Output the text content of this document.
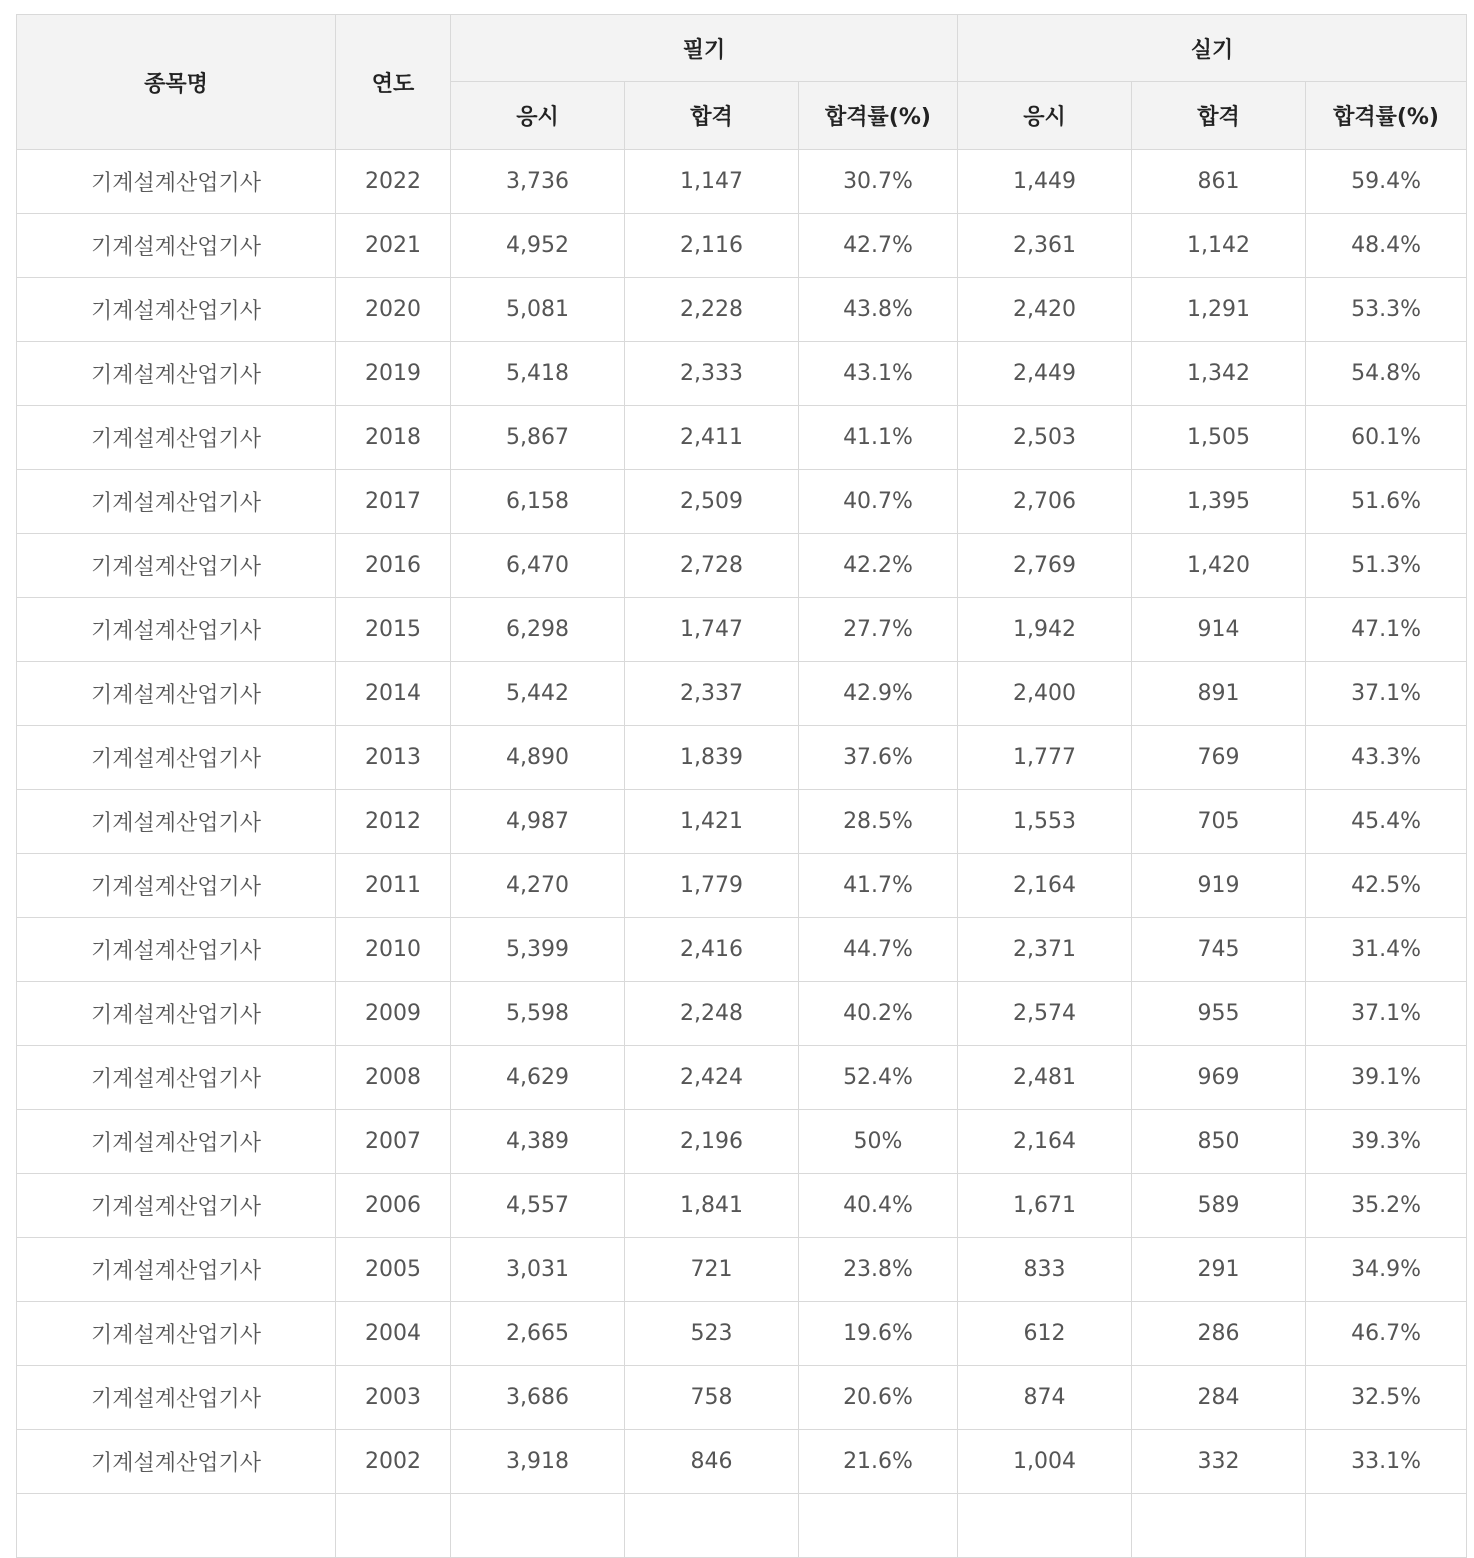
종목명	연도	필기			실기		
		응시	합격	합격률(%)	응시	합격	합격률(%)
기계설계산업기사	2022	3,736	1,147	30.7%	1,449	861	59.4%
기계설계산업기사	2021	4,952	2,116	42.7%	2,361	1,142	48.4%
기계설계산업기사	2020	5,081	2,228	43.8%	2,420	1,291	53.3%
기계설계산업기사	2019	5,418	2,333	43.1%	2,449	1,342	54.8%
기계설계산업기사	2018	5,867	2,411	41.1%	2,503	1,505	60.1%
기계설계산업기사	2017	6,158	2,509	40.7%	2,706	1,395	51.6%
기계설계산업기사	2016	6,470	2,728	42.2%	2,769	1,420	51.3%
기계설계산업기사	2015	6,298	1,747	27.7%	1,942	914	47.1%
기계설계산업기사	2014	5,442	2,337	42.9%	2,400	891	37.1%
기계설계산업기사	2013	4,890	1,839	37.6%	1,777	769	43.3%
기계설계산업기사	2012	4,987	1,421	28.5%	1,553	705	45.4%
기계설계산업기사	2011	4,270	1,779	41.7%	2,164	919	42.5%
기계설계산업기사	2010	5,399	2,416	44.7%	2,371	745	31.4%
기계설계산업기사	2009	5,598	2,248	40.2%	2,574	955	37.1%
기계설계산업기사	2008	4,629	2,424	52.4%	2,481	969	39.1%
기계설계산업기사	2007	4,389	2,196	50%	2,164	850	39.3%
기계설계산업기사	2006	4,557	1,841	40.4%	1,671	589	35.2%
기계설계산업기사	2005	3,031	721	23.8%	833	291	34.9%
기계설계산업기사	2004	2,665	523	19.6%	612	286	46.7%
기계설계산업기사	2003	3,686	758	20.6%	874	284	32.5%
기계설계산업기사	2002	3,918	846	21.6%	1,004	332	33.1%
